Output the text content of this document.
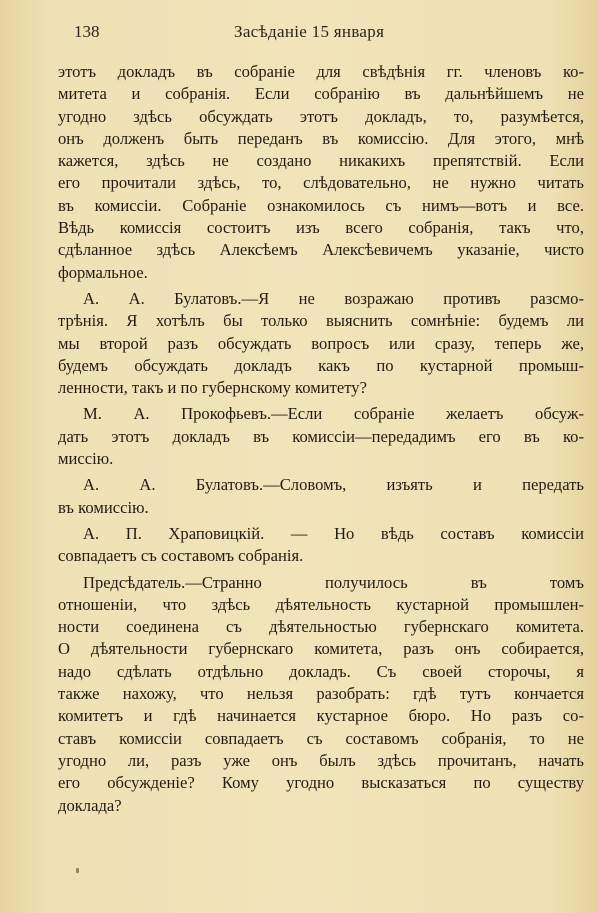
138	Засѣданіе 15 января
этотъ докладъ въ собраніе для свѣдѣнія гг. членовъ ко-
митета и собранія. Если собранію въ дальнѣйшемъ не
угодно здѣсь обсуждать этотъ докладъ, то, разумѣется,
онъ долженъ быть переданъ въ комиссію. Для этого, мнѣ
кажется, здѣсь не создано никакихъ препятствій. Если
его прочитали здѣсь, то, слѣдовательно, не нужно читать
въ комиссіи. Собраніе ознакомилось съ нимъ—вотъ и все.
Вѣдь комиссія состоитъ изъ всего собранія, такъ что,
сдѣланное здѣсь Алексѣемъ Алексѣевичемъ указаніе, чисто
формальное.
А. А. Булатовъ.—Я не возражаю противъ разсмо-
трѣнія. Я хотѣлъ бы только выяснить сомнѣніе: будемъ ли
мы второй разъ обсуждать вопросъ или сразу, теперь же,
будемъ обсуждать докладъ какъ по кустарной промыш-
ленности, такъ и по губернскому комитету?
М. А. Прокофьевъ.—Если собраніе желаетъ обсуж-
дать этотъ докладъ въ комиссіи—передадимъ его въ ко-
миссію.
А. А. Булатовъ.—Словомъ, изъять и передать
въ комиссію.
А. П. Храповицкій. — Но вѣдь составъ комиссіи
совпадаетъ съ составомъ собранія.
Предсѣдатель.—Странно получилось въ томъ
отношеніи, что здѣсь дѣятельность кустарной промышлен-
ности соединена съ дѣятельностью губернскаго комитета.
О дѣятельности губернскаго комитета, разъ онъ собирается,
надо сдѣлать отдѣльно докладъ. Съ своей сторочы, я
также нахожу, что нельзя разобрать: гдѣ тутъ кончается
комитетъ и гдѣ начинается кустарное бюро. Но разъ со-
ставъ комиссіи совпадаетъ съ составомъ собранія, то не
угодно ли, разъ уже онъ былъ здѣсь прочитанъ, начать
его обсужденіе? Кому угодно высказаться по существу
доклада?
